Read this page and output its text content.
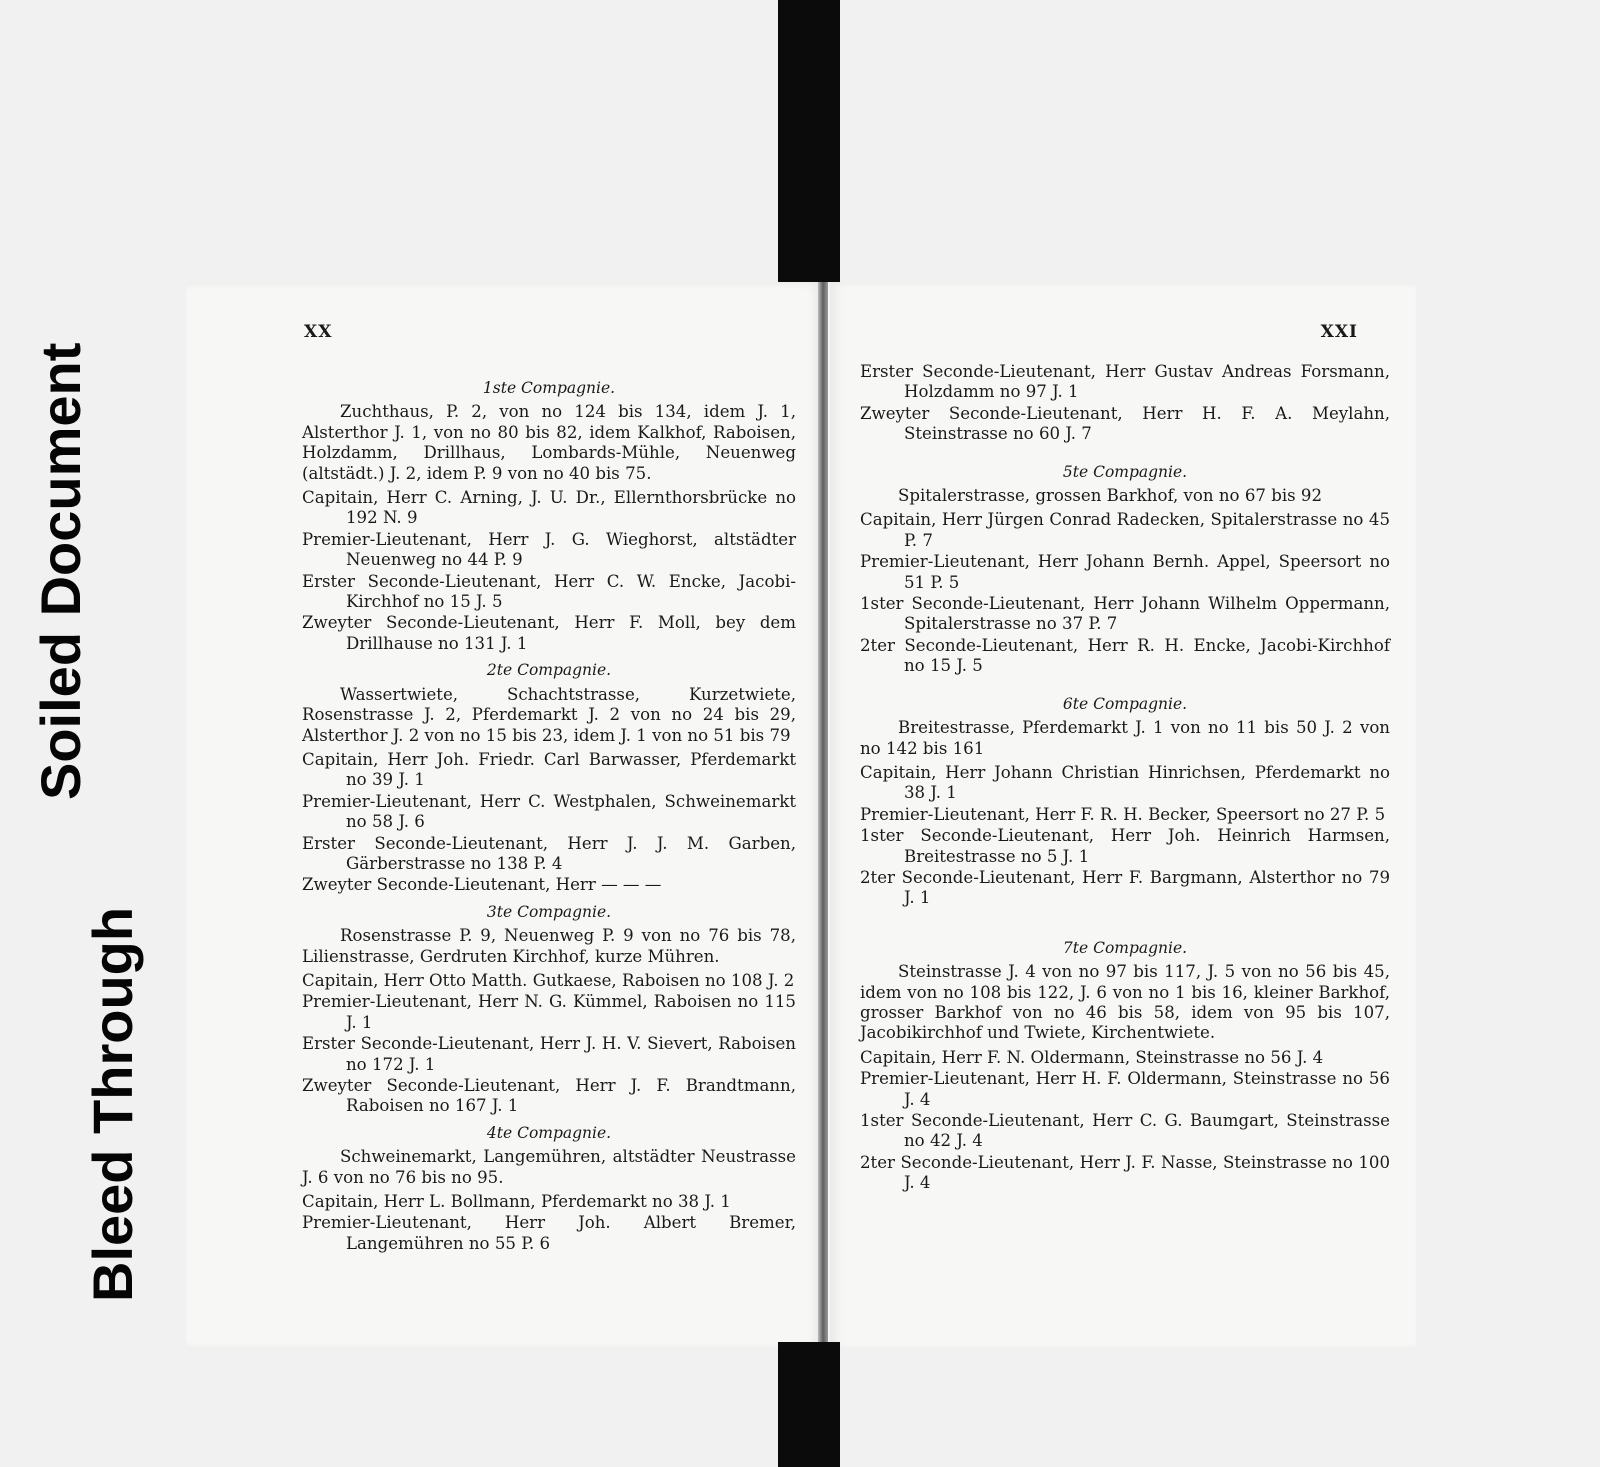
Soiled Document
Bleed Through
XX
1ste Compagnie.

Zuchthaus, P. 2, von no 124 bis 134, idem J. 1, Alsterthor J. 1, von no 80 bis 82, idem Kalkhof, Raboisen, Holzdamm, Drillhaus, Lombards-Mühle, Neuenweg (altstädt.) J. 2, idem P. 9 von no 40 bis 75.

Capitain, Herr C. Arning, J. U. Dr., Ellernthorsbrücke no 192 N. 9

Premier-Lieutenant, Herr J. G. Wieghorst, altstädter Neuenweg no 44 P. 9

Erster Seconde-Lieutenant, Herr C. W. Encke, Jacobi-Kirchhof no 15 J. 5

Zweyter Seconde-Lieutenant, Herr F. Moll, bey dem Drillhause no 131 J. 1

2te Compagnie.

Wassertwiete, Schachtstrasse, Kurzetwiete, Rosenstrasse J. 2, Pferdemarkt J. 2 von no 24 bis 29, Alsterthor J. 2 von no 15 bis 23, idem J. 1 von no 51 bis 79

Capitain, Herr Joh. Friedr. Carl Barwasser, Pferdemarkt no 39 J. 1

Premier-Lieutenant, Herr C. Westphalen, Schweinemarkt no 58 J. 6

Erster Seconde-Lieutenant, Herr J. J. M. Garben, Gärberstrasse no 138 P. 4

Zweyter Seconde-Lieutenant, Herr — — —

3te Compagnie.

Rosenstrasse P. 9, Neuenweg P. 9 von no 76 bis 78, Lilienstrasse, Gerdruten Kirchhof, kurze Mühren.

Capitain, Herr Otto Matth. Gutkaese, Raboisen no 108 J. 2

Premier-Lieutenant, Herr N. G. Kümmel, Raboisen no 115 J. 1

Erster Seconde-Lieutenant, Herr J. H. V. Sievert, Raboisen no 172 J. 1

Zweyter Seconde-Lieutenant, Herr J. F. Brandtmann, Raboisen no 167 J. 1

4te Compagnie.

Schweinemarkt, Langemühren, altstädter Neustrasse J. 6 von no 76 bis no 95.

Capitain, Herr L. Bollmann, Pferdemarkt no 38 J. 1

Premier-Lieutenant, Herr Joh. Albert Bremer, Langemühren no 55 P. 6

XXI

Erster Seconde-Lieutenant, Herr Gustav Andreas Forsmann, Holzdamm no 97 J. 1

Zweyter Seconde-Lieutenant, Herr H. F. A. Meylahn, Steinstrasse no 60 J. 7

5te Compagnie.

Spitalerstrasse, grossen Barkhof, von no 67 bis 92

Capitain, Herr Jürgen Conrad Radecken, Spitalerstrasse no 45 P. 7

Premier-Lieutenant, Herr Johann Bernh. Appel, Speersort no 51 P. 5

1ster Seconde-Lieutenant, Herr Johann Wilhelm Oppermann, Spitalerstrasse no 37 P. 7

2ter Seconde-Lieutenant, Herr R. H. Encke, Jacobi-Kirchhof no 15 J. 5

6te Compagnie.

Breitestrasse, Pferdemarkt J. 1 von no 11 bis 50 J. 2 von no 142 bis 161

Capitain, Herr Johann Christian Hinrichsen, Pferdemarkt no 38 J. 1

Premier-Lieutenant, Herr F. R. H. Becker, Speersort no 27 P. 5

1ster Seconde-Lieutenant, Herr Joh. Heinrich Harmsen, Breitestrasse no 5 J. 1

2ter Seconde-Lieutenant, Herr F. Bargmann, Alsterthor no 79 J. 1

7te Compagnie.

Steinstrasse J. 4 von no 97 bis 117, J. 5 von no 56 bis 45, idem von no 108 bis 122, J. 6 von no 1 bis 16, kleiner Barkhof, grosser Barkhof von no 46 bis 58, idem von 95 bis 107, Jacobikirchhof und Twiete, Kirchentwiete.

Capitain, Herr F. N. Oldermann, Steinstrasse no 56 J. 4

Premier-Lieutenant, Herr H. F. Oldermann, Steinstrasse no 56 J. 4

1ster Seconde-Lieutenant, Herr C. G. Baumgart, Steinstrasse no 42 J. 4

2ter Seconde-Lieutenant, Herr J. F. Nasse, Steinstrasse no 100 J. 4
